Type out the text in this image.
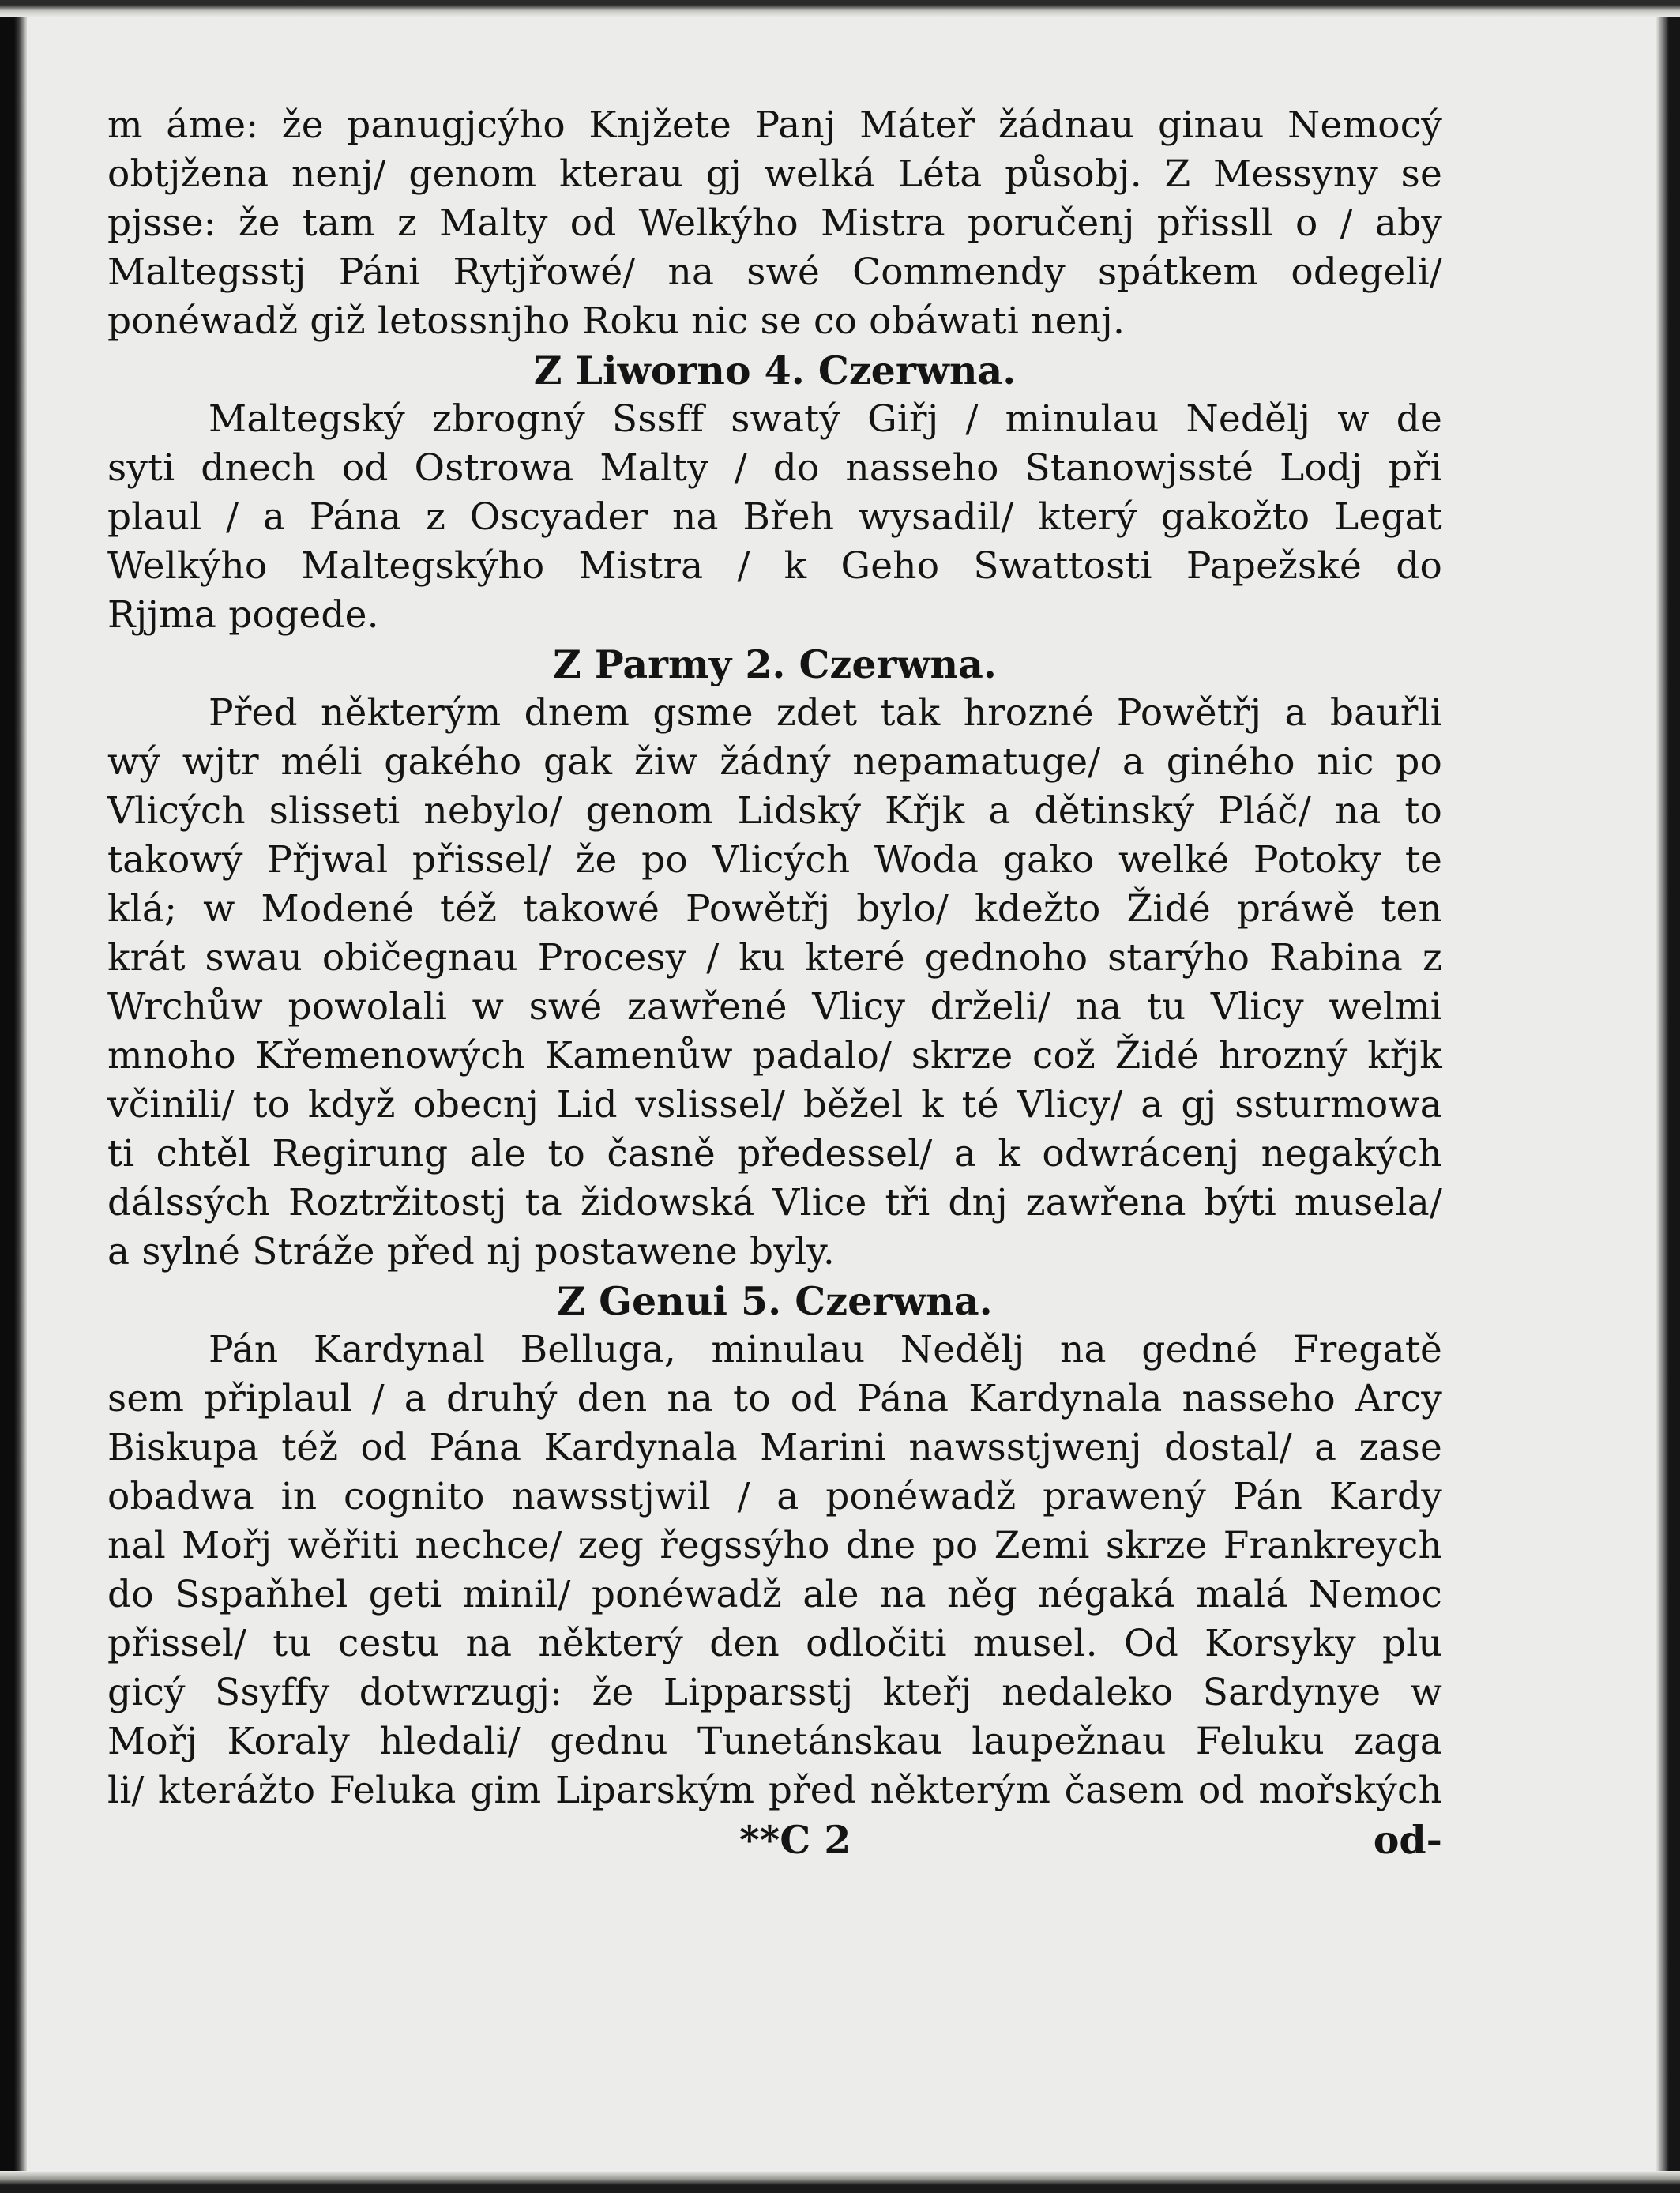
m áme: že panugjcýho Knjžete Panj Máteř žádnau ginau Nemocý
obtjžena nenj/ genom kterau gj welká Léta působj. Z Messyny se
pjsse: že tam z Malty od Welkýho Mistra poručenj přissll o / aby
Maltegsstj Páni Rytjřowé/ na swé Commendy spátkem odegeli/
ponéwadž giž letossnjho Roku nic se co obáwati nenj.
Z Liworno 4. Czerwna.
Maltegský zbrogný Sssff swatý Giřj / minulau Nedělj w de
syti dnech od Ostrowa Malty / do nasseho Stanowjssté Lodj při
plaul / a Pána z Oscyader na Břeh wysadil/ který gakožto Legat
Welkýho Maltegskýho Mistra / k Geho Swattosti Papežské do
Rjjma pogede.
Z Parmy 2. Czerwna.
Před některým dnem gsme zdet tak hrozné Powětřj a bauřli
wý wjtr méli gakého gak žiw žádný nepamatuge/ a giného nic po
Vlicých slisseti nebylo/ genom Lidský Křjk a dětinský Pláč/ na to
takowý Přjwal přissel/ že po Vlicých Woda gako welké Potoky te
klá; w Modené též takowé Powětřj bylo/ kdežto Židé práwě ten
krát swau običegnau Procesy / ku které gednoho starýho Rabina z
Wrchůw powolali w swé zawřené Vlicy drželi/ na tu Vlicy welmi
mnoho Křemenowých Kamenůw padalo/ skrze což Židé hrozný křjk
včinili/ to když obecnj Lid vslissel/ běžel k té Vlicy/ a gj ssturmowa
ti chtěl Regirung ale to časně předessel/ a k odwrácenj negakých
dálssých Roztržitostj ta židowská Vlice tři dnj zawřena býti musela/
a sylné Stráže před nj postawene byly.
Z Genui 5. Czerwna.
Pán Kardynal Belluga, minulau Nedělj na gedné Fregatě
sem připlaul / a druhý den na to od Pána Kardynala nasseho Arcy
Biskupa též od Pána Kardynala Marini nawsstjwenj dostal/ a zase
obadwa in cognito nawsstjwil / a ponéwadž prawený Pán Kardy
nal Mořj wěřiti nechce/ zeg řegssýho dne po Zemi skrze Frankreych
do Sspaňhel geti minil/ ponéwadž ale na něg négaká malá Nemoc
přissel/ tu cestu na některý den odločiti musel. Od Korsyky plu
gicý Ssyffy dotwrzugj: že Lipparsstj kteřj nedaleko Sardynye w
Mořj Koraly hledali/ gednu Tunetánskau laupežnau Feluku zaga
li/ kterážto Feluka gim Liparským před některým časem od mořských
**C 2	od-
